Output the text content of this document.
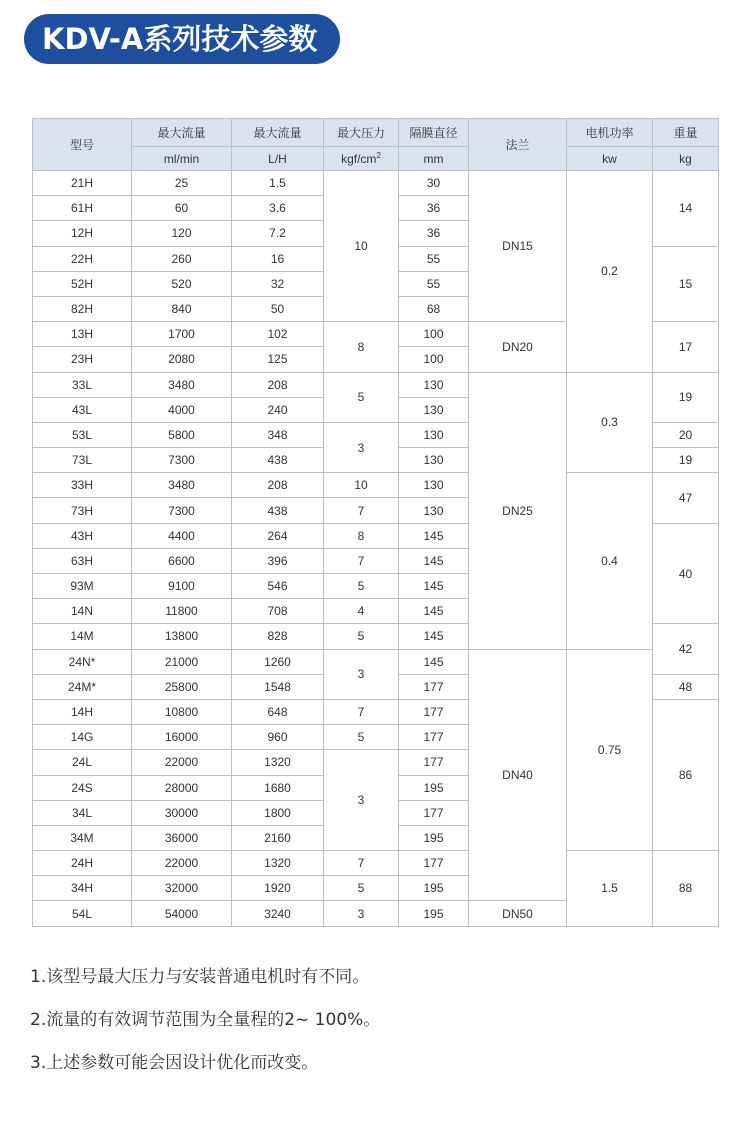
KDV-A系列技术参数
型号	最大流量	最大流量	最大压力	隔膜直径	法兰	电机功率	重量
	ml/min	L/H	kgf/$cm^2$	mm		kw	kg
21H	25	1.5	10	30	DN15	0.2	14
61H	60	3.6		36			
12H	120	7.2		36			
22H	260	16		55			15
52H	520	32		55			
82H	840	50		68			
13H	1700	102	8	100	DN20		17
23H	2080	125		100			
33L	3480	208	5	130	DN25	0.3	19
43L	4000	240		130			
53L	5800	348	3	130			20
73L	7300	438		130			19
33H	3480	208	10	130		0.4	47
73H	7300	438	7	130			
43H	4400	264	8	145			40
63H	6600	396	7	145			
93M	9100	546	5	145			
14N	11800	708	4	145			
14M	13800	828	5	145			42
24N*	21000	1260	3	145	DN40	0.75	
24M*	25800	1548		177			48
14H	10800	648	7	177			86
14G	16000	960	5	177			
24L	22000	1320	3	177			
24S	28000	1680		195			
34L	30000	1800		177			
34M	36000	2160		195			
24H	22000	1320	7	177		1.5	88
34H	32000	1920	5	195			
54L	54000	3240	3	195	DN50		
1.该型号最大压力与安装普通电机时有不同。
2.流量的有效调节范围为全量程的2~ 100%。
3.上述参数可能会因设计优化而改变。
